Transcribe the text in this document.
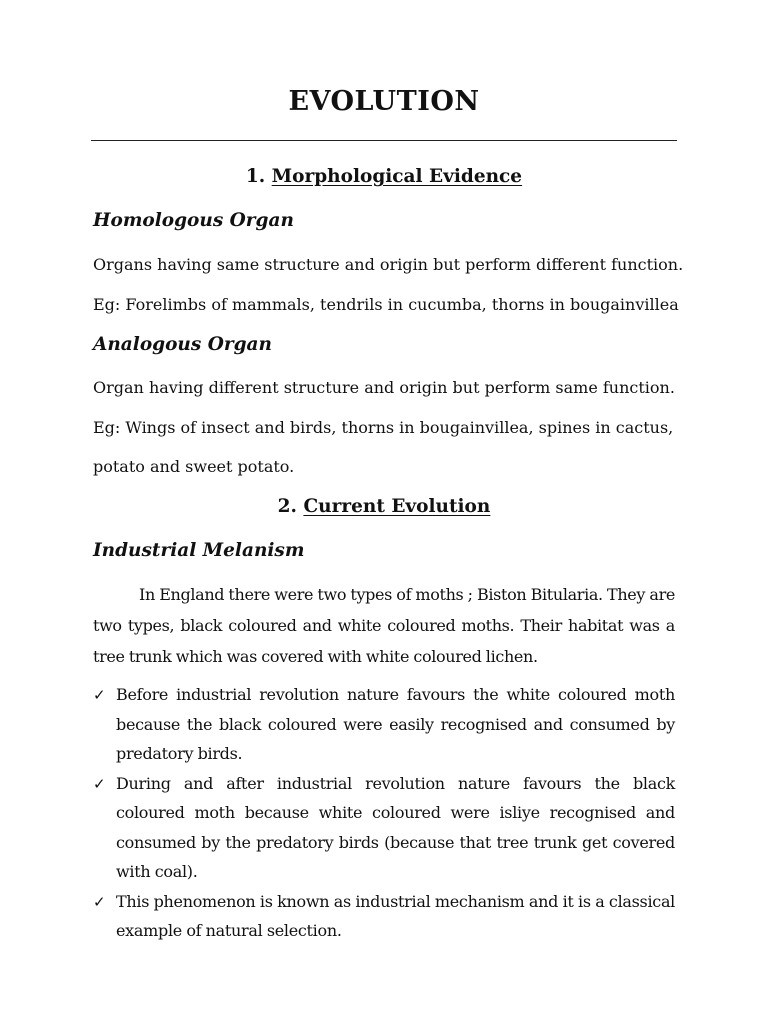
EVOLUTION
1. Morphological Evidence
Homologous Organ
Organs having same structure and origin but perform different function.
Eg: Forelimbs of mammals, tendrils in cucumba, thorns in bougainvillea
Analogous Organ
Organ having different structure and origin but perform same function.
Eg: Wings of insect and birds, thorns in bougainvillea, spines in cactus,
potato and sweet potato.
2. Current Evolution
Industrial Melanism
In England there were two types of moths ; Biston Bitularia. They are two types, black coloured and white coloured moths. Their habitat was a tree trunk which was covered with white coloured lichen.
✓ Before industrial revolution nature favours the white coloured moth because the black coloured were easily recognised and consumed by predatory birds.
✓ During and after industrial revolution nature favours the black coloured moth because white coloured were isliye recognised and consumed by the predatory birds (because that tree trunk get covered with coal).
✓ This phenomenon is known as industrial mechanism and it is a classical example of natural selection.
